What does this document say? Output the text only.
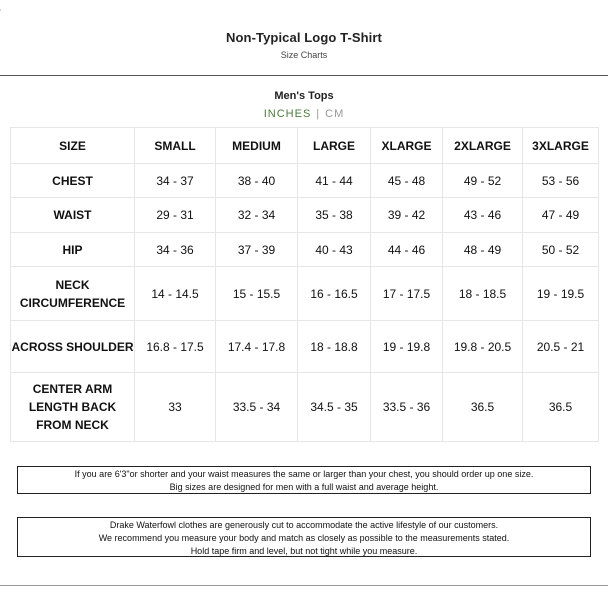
'
Non-Typical Logo T-Shirt
Size Charts
Men's Tops
INCHES | CM
SIZE	SMALL	MEDIUM	LARGE	XLARGE	2XLARGE	3XLARGE
CHEST	34 - 37	38 - 40	41 - 44	45 - 48	49 - 52	53 - 56
WAIST	29 - 31	32 - 34	35 - 38	39 - 42	43 - 46	47 - 49
HIP	34 - 36	37 - 39	40 - 43	44 - 46	48 - 49	50 - 52
NECK CIRCUMFERENCE	14 - 14.5	15 - 15.5	16 - 16.5	17 - 17.5	18 - 18.5	19 - 19.5
ACROSS SHOULDER	16.8 - 17.5	17.4 - 17.8	18 - 18.8	19 - 19.8	19.8 - 20.5	20.5 - 21
CENTER ARM LENGTH BACK FROM NECK	33	33.5 - 34	34.5 - 35	33.5 - 36	36.5	36.5
If you are 6'3"or shorter and your waist measures the same or larger than your chest, you should order up one size.
Big sizes are designed for men with a full waist and average height.
Drake Waterfowl clothes are generously cut to accommodate the active lifestyle of our customers.
We recommend you measure your body and match as closely as possible to the measurements stated.
Hold tape firm and level, but not tight while you measure.
